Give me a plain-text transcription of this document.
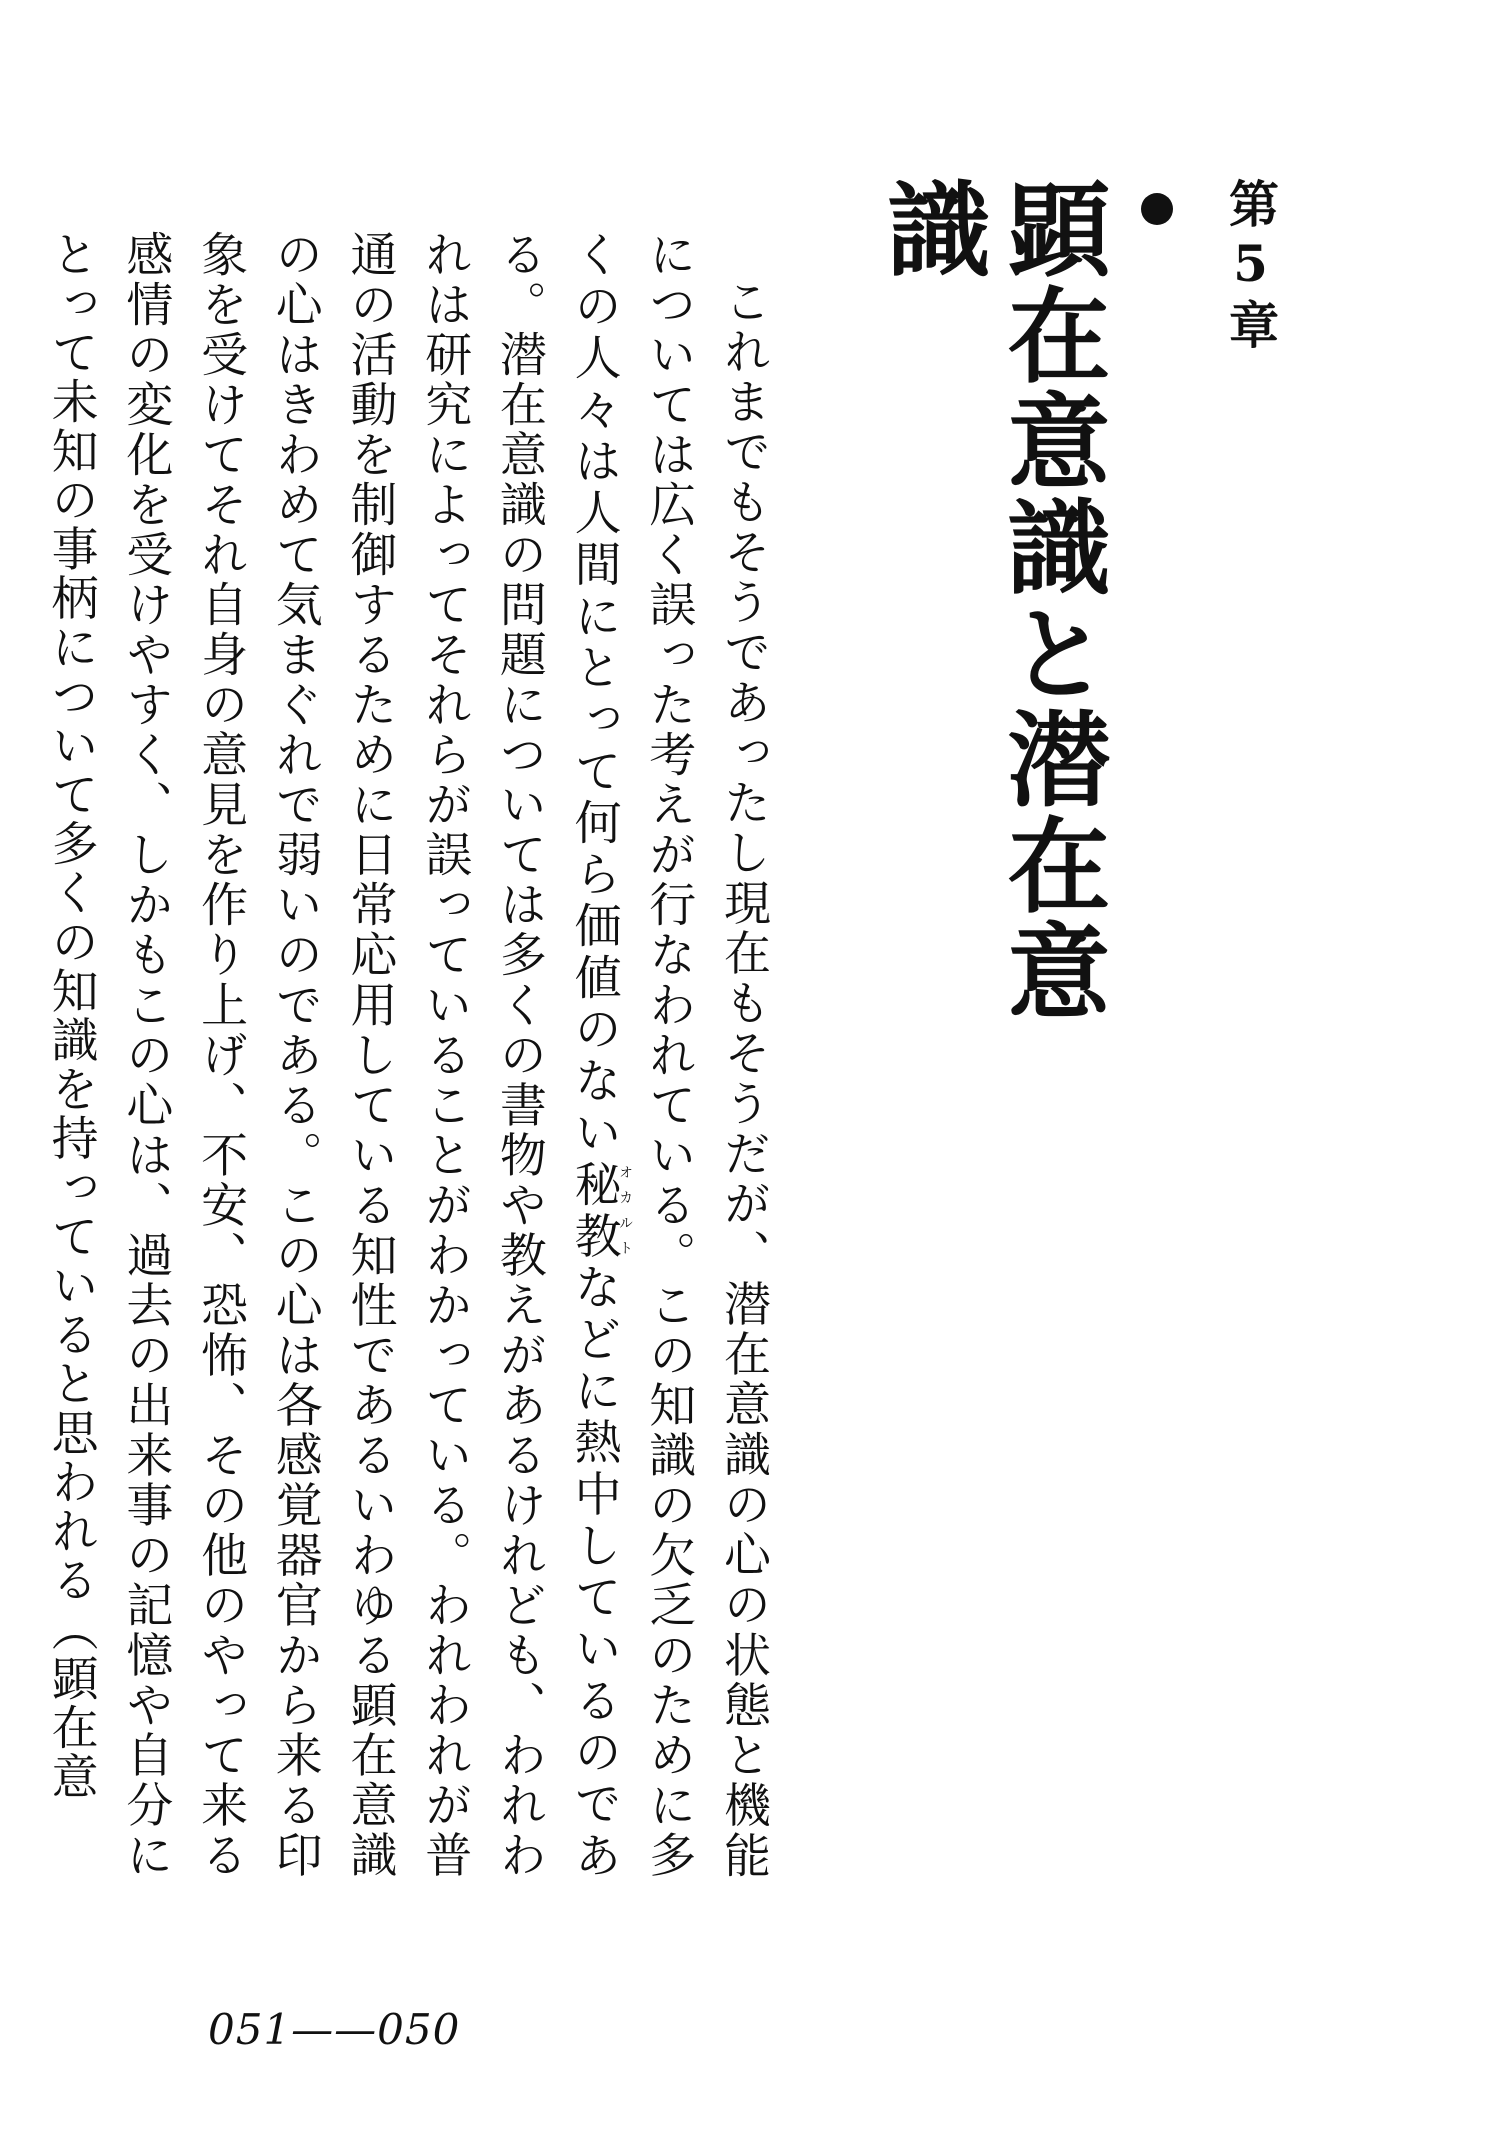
第5章
顕在意識と潜在意識

これまでもそうであったし現在もそうだが、潜在意識の心の状態と機能については広く誤った考えが行なわれている。この知識の欠乏のために多くの人々は人間にとって何ら価値のない秘教オカルトなどに熱中しているのである。潜在意識の問題については多くの書物や教えがあるけれども、われわれは研究によってそれらが誤っていることがわかっている。われわれが普通の活動を制御するために日常応用している知性であるいわゆる顕在意識の心はきわめて気まぐれで弱いのである。この心は各感覚器官から来る印象を受けてそれ自身の意見を作り上げ、不安、恐怖、その他のやって来る感情の変化を受けやすく、しかもこの心は、過去の出来事の記憶や自分にとって未知の事柄について多くの知識を持っていると思われる（顕在意

051——050
